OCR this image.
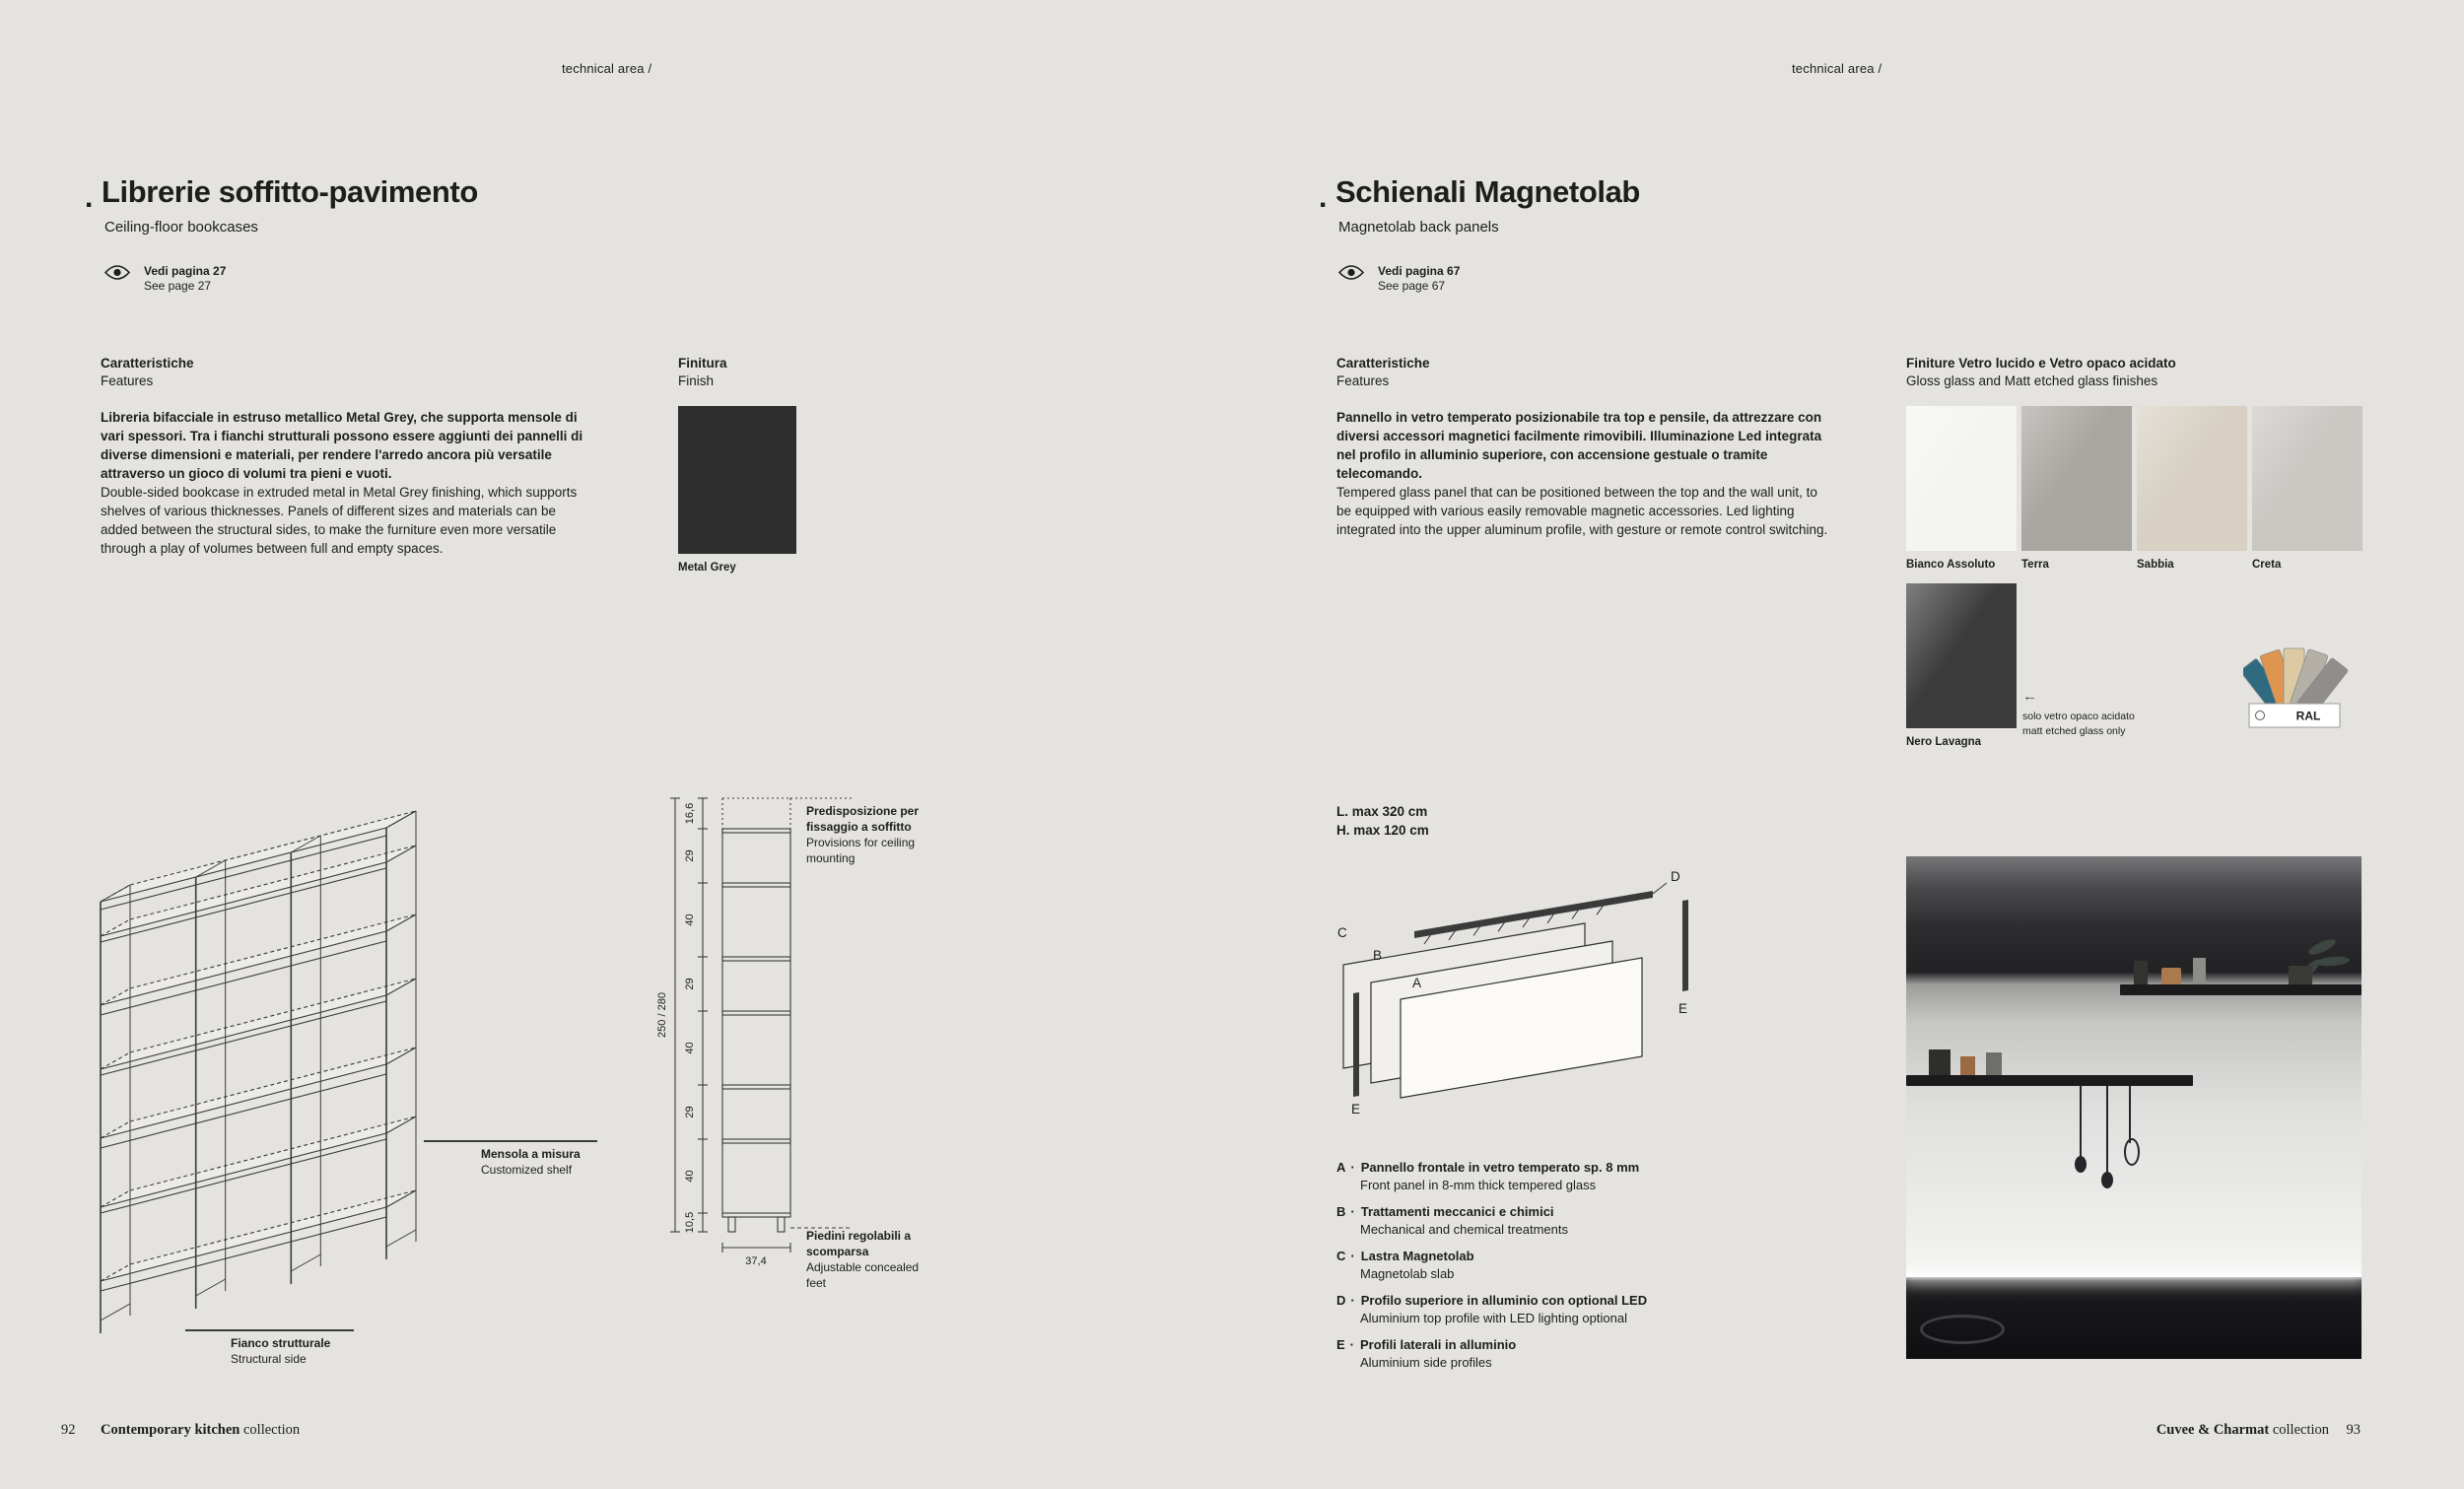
technical area /
. Librerie soffitto-pavimento
Ceiling-floor bookcases
Vedi pagina 27
See page 27
Caratteristiche
Features
Libreria bifacciale in estruso metallico Metal Grey, che supporta mensole di vari spessori. Tra i fianchi strutturali possono essere aggiunti dei pannelli di diverse dimensioni e materiali, per rendere l'arredo ancora più versatile attraverso un gioco di volumi tra pieni e vuoti.
Double-sided bookcase in extruded metal in Metal Grey finishing, which supports shelves of various thicknesses. Panels of different sizes and materials can be added between the structural sides, to make the furniture even more versatile through a play of volumes between full and empty spaces.
Finitura
Finish
Metal Grey
Mensola a misura
Customized shelf
Fianco strutturale
Structural side
16,6
29
40
29
40
29
40
10,5
250 / 280
37,4
Predisposizione per fissaggio a soffitto
Provisions for ceiling mounting
Piedini regolabili a scomparsa
Adjustable concealed feet
92 Contemporary kitchen collection
technical area /
. Schienali Magnetolab
Magnetolab back panels
Vedi pagina 67
See page 67
Caratteristiche
Features
Pannello in vetro temperato posizionabile tra top e pensile, da attrezzare con diversi accessori magnetici facilmente rimovibili. Illuminazione Led integrata nel profilo in alluminio superiore, con accensione gestuale o tramite telecomando.
Tempered glass panel that can be positioned between the top and the wall unit, to be equipped with various easily removable magnetic accessories. Led lighting integrated into the upper aluminum profile, with gesture or remote control switching.
Finiture Vetro lucido e Vetro opaco acidato
Gloss glass and Matt etched glass finishes
Bianco Assoluto	Terra	Sabbia	Creta
Nero Lavagna
←
solo vetro opaco acidato
matt etched glass only
RAL
L. max 320 cm
H. max 120 cm
A
B
C
D
E
E
A · Pannello frontale in vetro temperato sp. 8 mm
Front panel in 8-mm thick tempered glass
B · Trattamenti meccanici e chimici
Mechanical and chemical treatments
C · Lastra Magnetolab
Magnetolab slab
D · Profilo superiore in alluminio con optional LED
Aluminium top profile with LED lighting optional
E · Profili laterali in alluminio
Aluminium side profiles
Cuvee & Charmat collection 93
